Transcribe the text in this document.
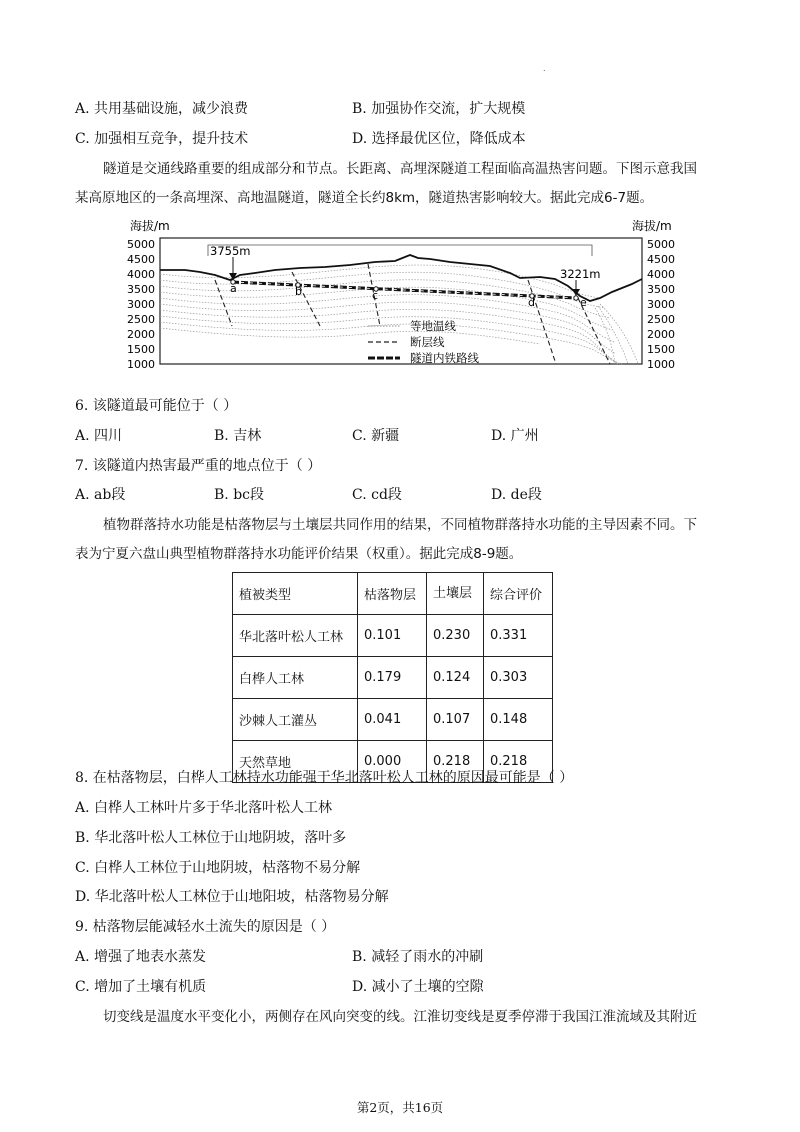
.
A. 共用基础设施，减少浪费	B. 加强协作交流，扩大规模
C. 加强相互竞争，提升技术	D. 选择最优区位，降低成本
隧道是交通线路重要的组成部分和节点。长距离、高埋深隧道工程面临高温热害问题。下图示意我国
某高原地区的一条高埋深、高地温隧道，隧道全长约8km，隧道热害影响较大。据此完成6-7题。
海拔/m	海拔/m
5000
4500
4000
3500
3000
2500
2000
1500
1000
5000
4500
4000
3500
3000
2500
2000
1500
1000
a	b	c
d	e
3755m
3221m
等地温线
断层线
隧道内铁路线
6. 该隧道最可能位于（ ）
A. 四川	B. 吉林	C. 新疆	D. 广州
7. 该隧道内热害最严重的地点位于（ ）
A. ab段	B. bc段	C. cd段	D. de段
植物群落持水功能是枯落物层与土壤层共同作用的结果，不同植物群落持水功能的主导因素不同。下
表为宁夏六盘山典型植物群落持水功能评价结果（权重）。据此完成8-9题。
植被类型	枯落物层	土壤层	综合评价
华北落叶松人工林	0.101	0.230	0.331
白桦人工林	0.179	0.124	0.303
沙棘人工灌丛	0.041	0.107	0.148
天然草地	0.000	0.218	0.218
8. 在枯落物层，白桦人工林持水功能强于华北落叶松人工林的原因最可能是（ ）
A. 白桦人工林叶片多于华北落叶松人工林
B. 华北落叶松人工林位于山地阴坡，落叶多
C. 白桦人工林位于山地阴坡，枯落物不易分解
D. 华北落叶松人工林位于山地阳坡，枯落物易分解
9. 枯落物层能减轻水土流失的原因是（ ）
A. 增强了地表水蒸发	B. 减轻了雨水的冲刷
C. 增加了土壤有机质	D. 减小了土壤的空隙
切变线是温度水平变化小，两侧存在风向突变的线。江淮切变线是夏季停滞于我国江淮流域及其附近
第2页，共16页
